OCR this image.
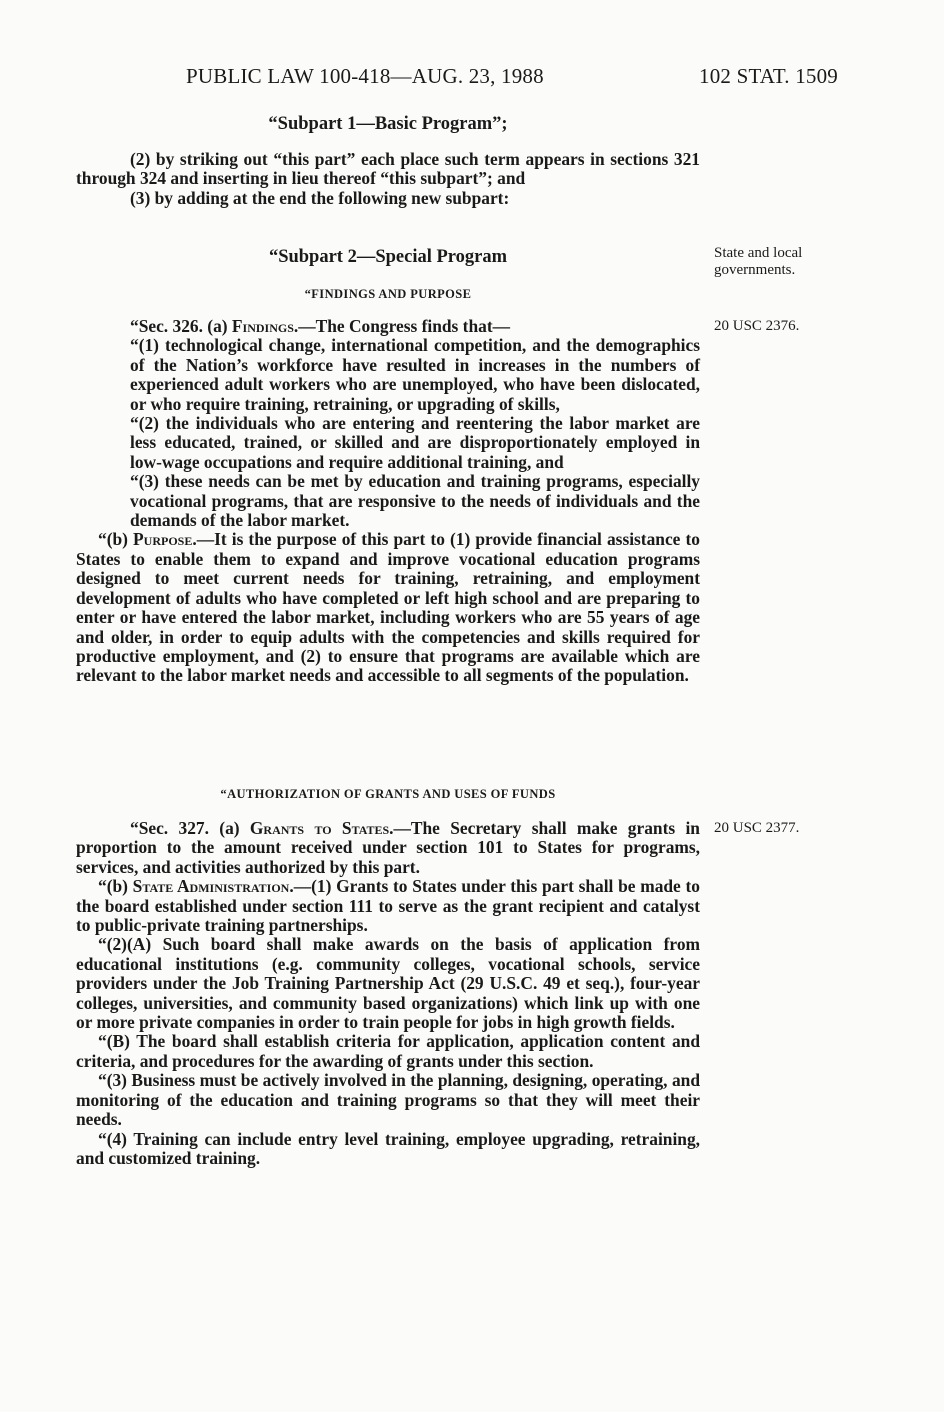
PUBLIC LAW 100-418—AUG. 23, 1988	102 STAT. 1509
“Subpart 1—Basic Program”;

(2) by striking out “this part” each place such term appears in sections 321 through 324 and inserting in lieu thereof “this subpart”; and

(3) by adding at the end the following new subpart:

“Subpart 2—Special Program	State and local governments.
“FINDINGS AND PURPOSE
20 USC 2376.

“Sec. 326. (a) Findings.—The Congress finds that—

“(1) technological change, international competition, and the demographics of the Nation’s workforce have resulted in increases in the numbers of experienced adult workers who are unemployed, who have been dislocated, or who require training, retraining, or upgrading of skills,

“(2) the individuals who are entering and reentering the labor market are less educated, trained, or skilled and are disproportionately employed in low-wage occupations and require additional training, and

“(3) these needs can be met by education and training programs, especially vocational programs, that are responsive to the needs of individuals and the demands of the labor market.

“(b) Purpose.—It is the purpose of this part to (1) provide financial assistance to States to enable them to expand and improve vocational education programs designed to meet current needs for training, retraining, and employment development of adults who have completed or left high school and are preparing to enter or have entered the labor market, including workers who are 55 years of age and older, in order to equip adults with the competencies and skills required for productive employment, and (2) to ensure that programs are available which are relevant to the labor market needs and accessible to all segments of the population.

“AUTHORIZATION OF GRANTS AND USES OF FUNDS
20 USC 2377.

“Sec. 327. (a) Grants to States.—The Secretary shall make grants in proportion to the amount received under section 101 to States for programs, services, and activities authorized by this part.

“(b) State Administration.—(1) Grants to States under this part shall be made to the board established under section 111 to serve as the grant recipient and catalyst to public-private training partnerships.

“(2)(A) Such board shall make awards on the basis of application from educational institutions (e.g. community colleges, vocational schools, service providers under the Job Training Partnership Act (29 U.S.C. 49 et seq.), four-year colleges, universities, and community based organizations) which link up with one or more private companies in order to train people for jobs in high growth fields.

“(B) The board shall establish criteria for application, application content and criteria, and procedures for the awarding of grants under this section.

“(3) Business must be actively involved in the planning, designing, operating, and monitoring of the education and training programs so that they will meet their needs.

“(4) Training can include entry level training, employee upgrading, retraining, and customized training.
